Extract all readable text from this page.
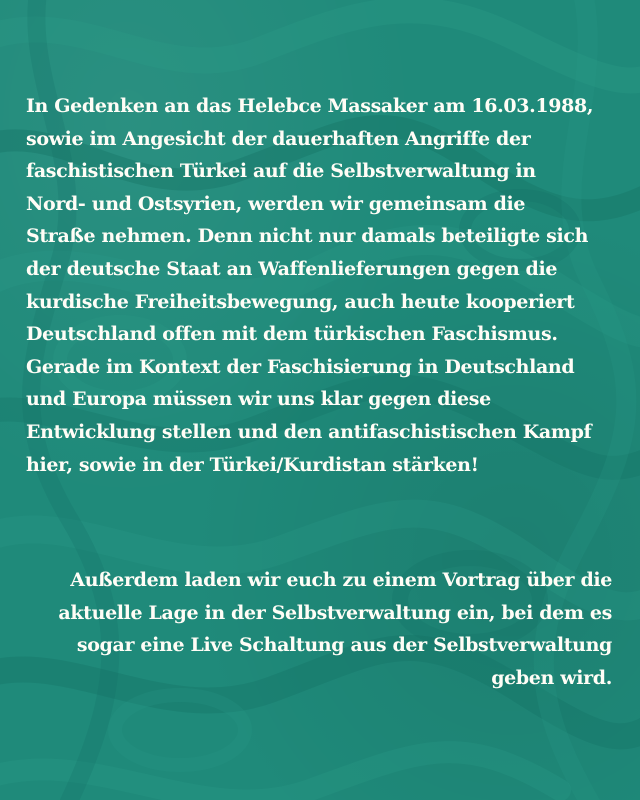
In Gedenken an das Helebce Massaker am 16.03.1988,
sowie im Angesicht der dauerhaften Angriffe der
faschistischen Türkei auf die Selbstverwaltung in
Nord- und Ostsyrien, werden wir gemeinsam die
Straße nehmen. Denn nicht nur damals beteiligte sich
der deutsche Staat an Waffenlieferungen gegen die
kurdische Freiheitsbewegung, auch heute kooperiert
Deutschland offen mit dem türkischen Faschismus.
Gerade im Kontext der Faschisierung in Deutschland
und Europa müssen wir uns klar gegen diese
Entwicklung stellen und den antifaschistischen Kampf
hier, sowie in der Türkei/Kurdistan stärken!
Außerdem laden wir euch zu einem Vortrag über die
aktuelle Lage in der Selbstverwaltung ein, bei dem es
sogar eine Live Schaltung aus der Selbstverwaltung
geben wird.
